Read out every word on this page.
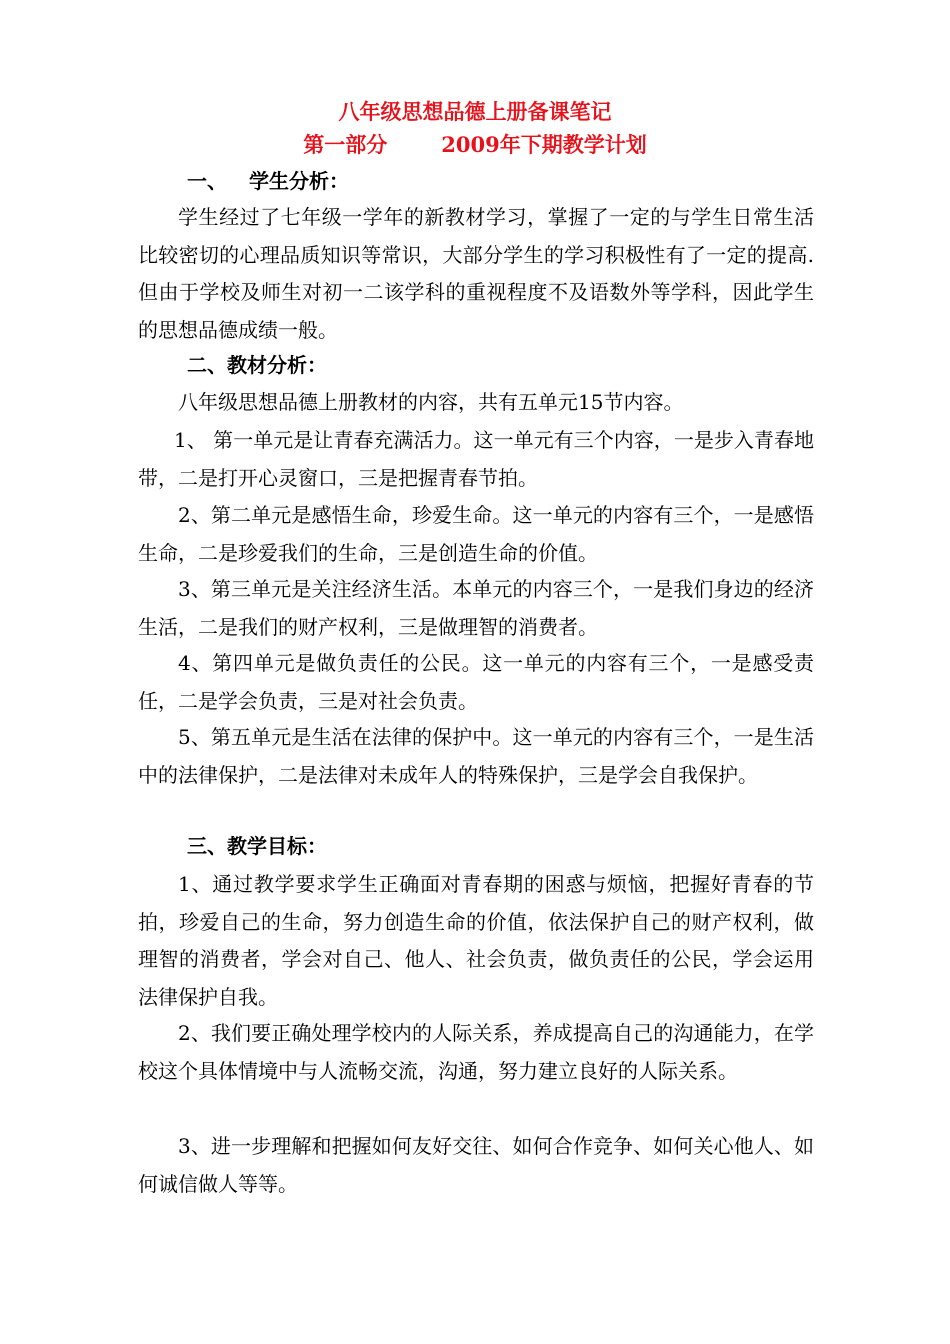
八年级思想品德上册备课笔记
第一部分	2009年下期教学计划
一、 学生分析：
学生经过了七年级一学年的新教材学习，掌握了一定的与学生日常生活比较密切的心理品质知识等常识，大部分学生的学习积极性有了一定的提高.但由于学校及师生对初一二该学科的重视程度不及语数外等学科，因此学生的思想品德成绩一般。
二、教材分析：
八年级思想品德上册教材的内容，共有五单元15节内容。
1、 第一单元是让青春充满活力。这一单元有三个内容，一是步入青春地带，二是打开心灵窗口，三是把握青春节拍。
2、第二单元是感悟生命，珍爱生命。这一单元的内容有三个，一是感悟生命，二是珍爱我们的生命，三是创造生命的价值。
3、第三单元是关注经济生活。本单元的内容三个，一是我们身边的经济生活，二是我们的财产权利，三是做理智的消费者。
4、第四单元是做负责任的公民。这一单元的内容有三个，一是感受责任，二是学会负责，三是对社会负责。
5、第五单元是生活在法律的保护中。这一单元的内容有三个，一是生活中的法律保护，二是法律对未成年人的特殊保护，三是学会自我保护。
三、教学目标：
1、通过教学要求学生正确面对青春期的困惑与烦恼，把握好青春的节拍，珍爱自己的生命，努力创造生命的价值，依法保护自己的财产权利，做理智的消费者，学会对自己、他人、社会负责，做负责任的公民，学会运用法律保护自我。
2、我们要正确处理学校内的人际关系，养成提高自己的沟通能力，在学校这个具体情境中与人流畅交流，沟通，努力建立良好的人际关系。
3、进一步理解和把握如何友好交往、如何合作竞争、如何关心他人、如何诚信做人等等。
